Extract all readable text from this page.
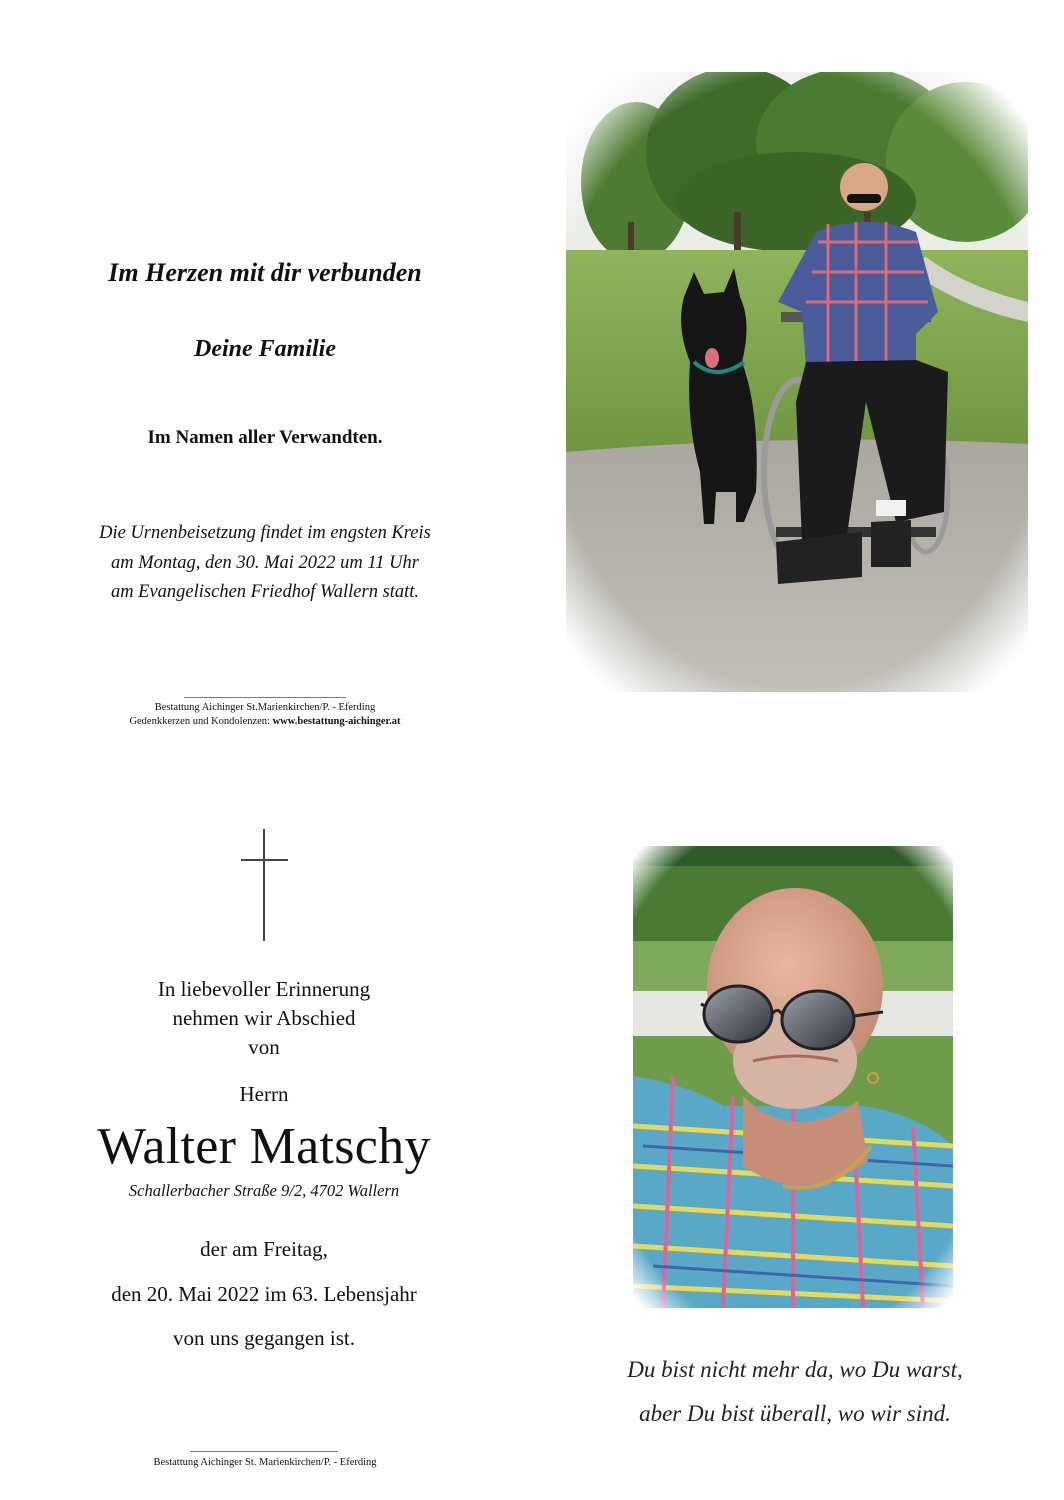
Im Herzen mit dir verbunden
Deine Familie
Im Namen aller Verwandten.
Die Urnenbeisetzung findet im engsten Kreis
am Montag, den 30. Mai 2022 um 11 Uhr
am Evangelischen Friedhof Wallern statt.
Bestattung Aichinger St.Marienkirchen/P. - Eferding
Gedenkkerzen und Kondolenzen: www.bestattung-aichinger.at
In liebevoller Erinnerung
nehmen wir Abschied
von
Herrn
Walter Matschy
Schallerbacher Straße 9/2, 4702 Wallern
der am Freitag,
den 20. Mai 2022 im 63. Lebensjahr
von uns gegangen ist.
Bestattung Aichinger St. Marienkirchen/P. - Eferding
Du bist nicht mehr da, wo Du warst,
aber Du bist überall, wo wir sind.
